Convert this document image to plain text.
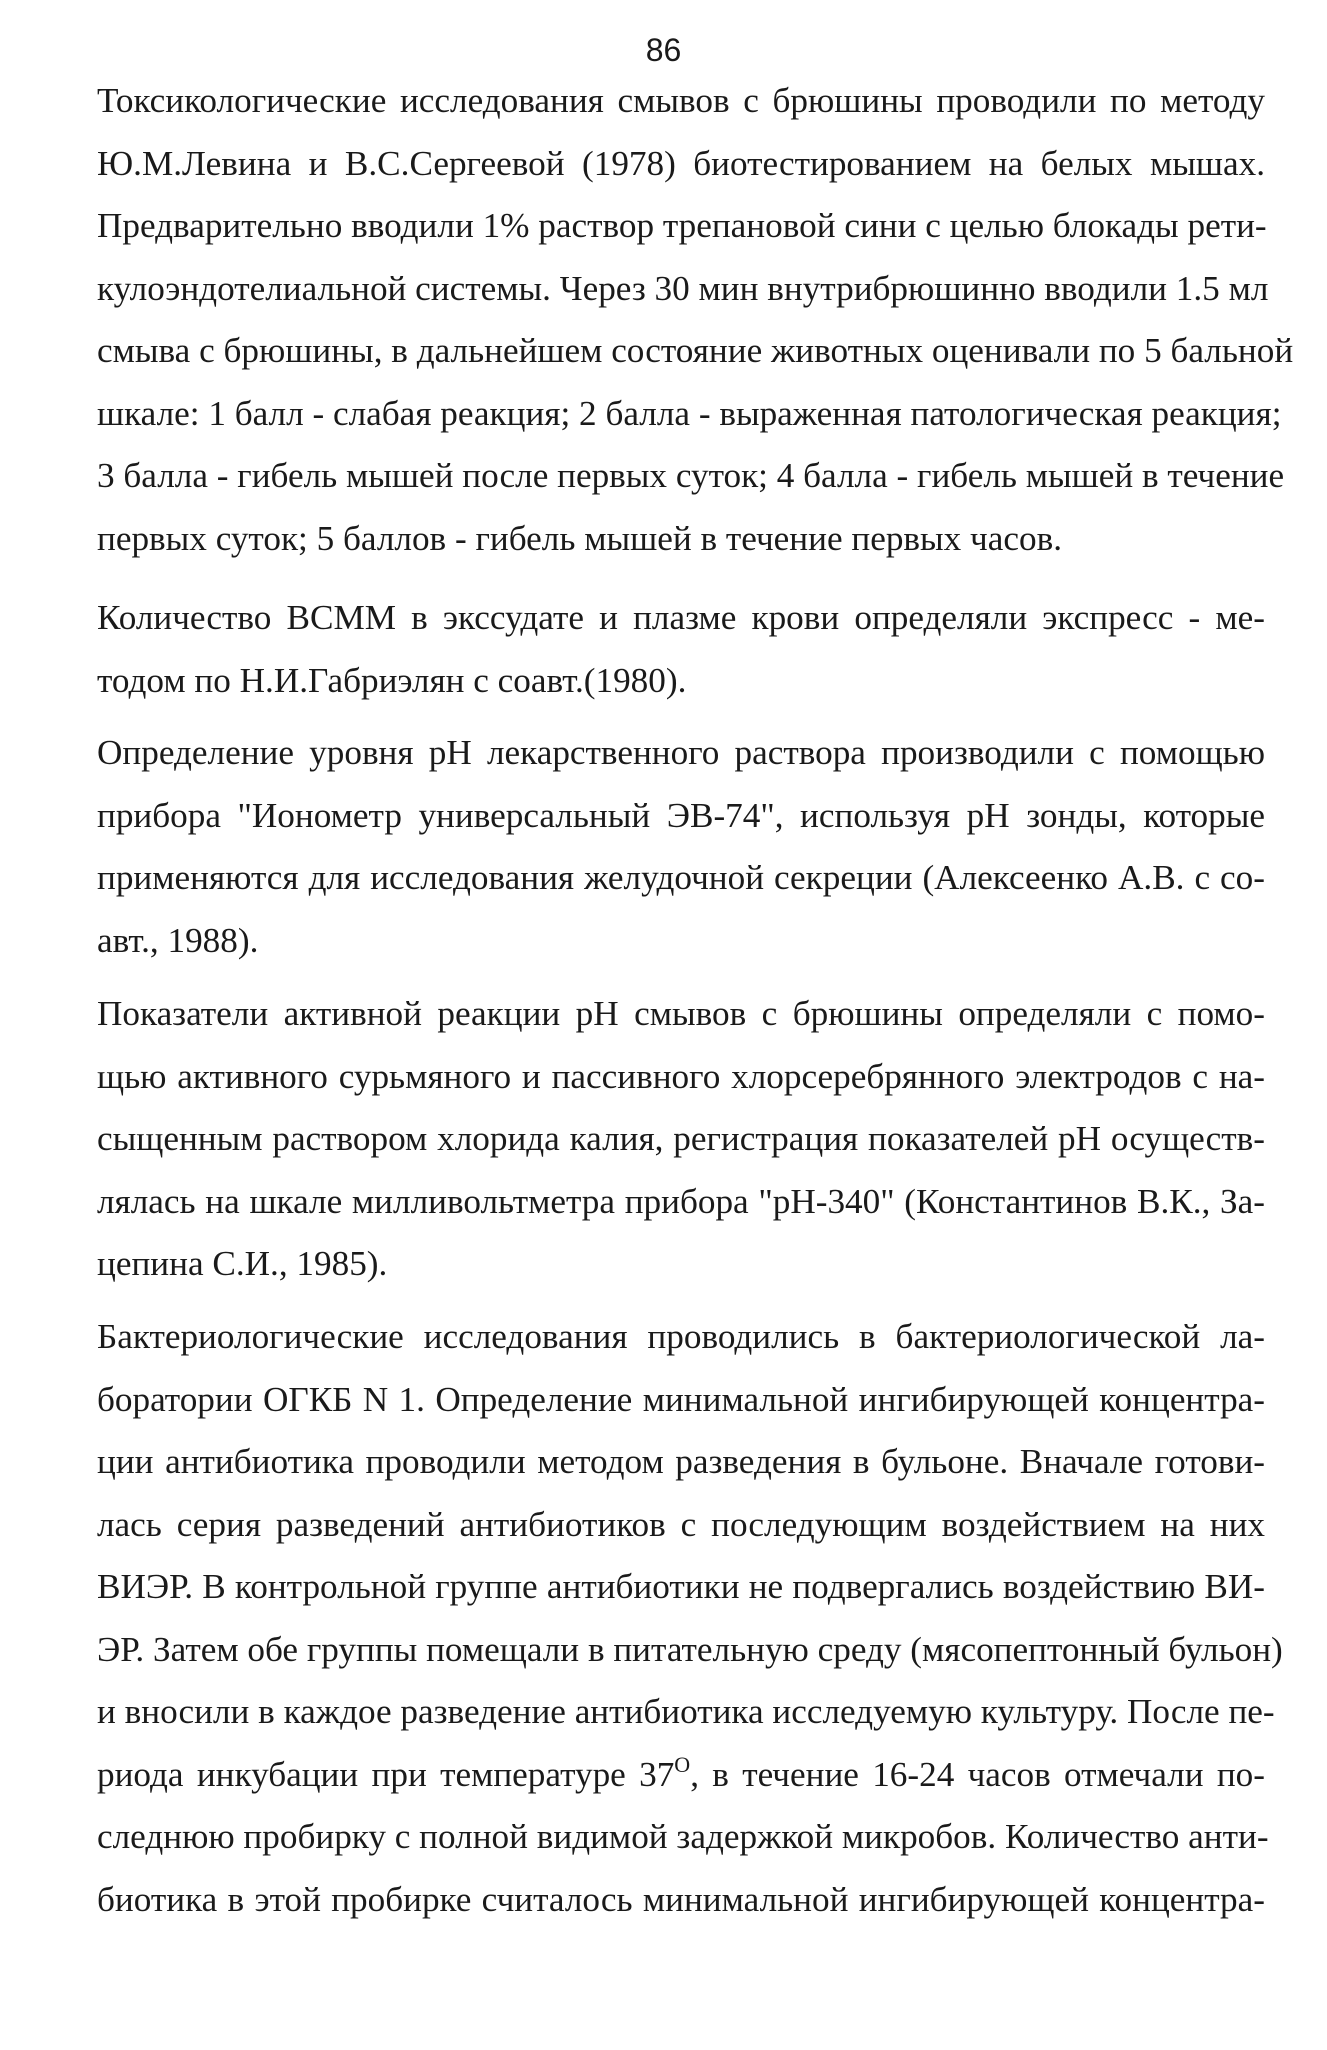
86
Токсикологические исследования смывов с брюшины проводили по методу
Ю.М.Левина и В.С.Сергеевой (1978) биотестированием на белых мышах.
Предварительно вводили 1% раствор трепановой сини с целью блокады рети-
кулоэндотелиальной системы. Через 30 мин внутрибрюшинно вводили 1.5 мл
смыва с брюшины, в дальнейшем состояние животных оценивали по 5 бальной
шкале: 1 балл - слабая реакция; 2 балла - выраженная патологическая реакция;
3 балла - гибель мышей после первых суток; 4 балла - гибель мышей в течение
первых суток; 5 баллов - гибель мышей в течение первых часов.
Количество ВСММ в экссудате и плазме крови определяли экспресс - ме-
тодом по Н.И.Габриэлян с соавт.(1980).
Определение уровня рН лекарственного раствора производили с помощью
прибора "Ионометр универсальный ЭВ-74", используя рН зонды, которые
применяются для исследования желудочной секреции (Алексеенко А.В. с со-
авт., 1988).
Показатели активной реакции рН смывов с брюшины определяли с помо-
щью активного сурьмяного и пассивного хлорсеребрянного электродов с на-
сыщенным раствором хлорида калия, регистрация показателей рН осуществ-
лялась на шкале милливольтметра прибора "рН-340" (Константинов В.К., За-
цепина С.И., 1985).
Бактериологические исследования проводились в бактериологической ла-
боратории ОГКБ N 1. Определение минимальной ингибирующей концентра-
ции антибиотика проводили методом разведения в бульоне. Вначале готови-
лась серия разведений антибиотиков с последующим воздействием на них
ВИЭР. В контрольной группе антибиотики не подвергались воздействию ВИ-
ЭР. Затем обе группы помещали в питательную среду (мясопептонный бульон)
и вносили в каждое разведение антибиотика исследуемую культуру. После пе-
риода инкубации при температуре $37^О$, в течение 16-24 часов отмечали по-
следнюю пробирку с полной видимой задержкой микробов. Количество анти-
биотика в этой пробирке считалось минимальной ингибирующей концентра-
